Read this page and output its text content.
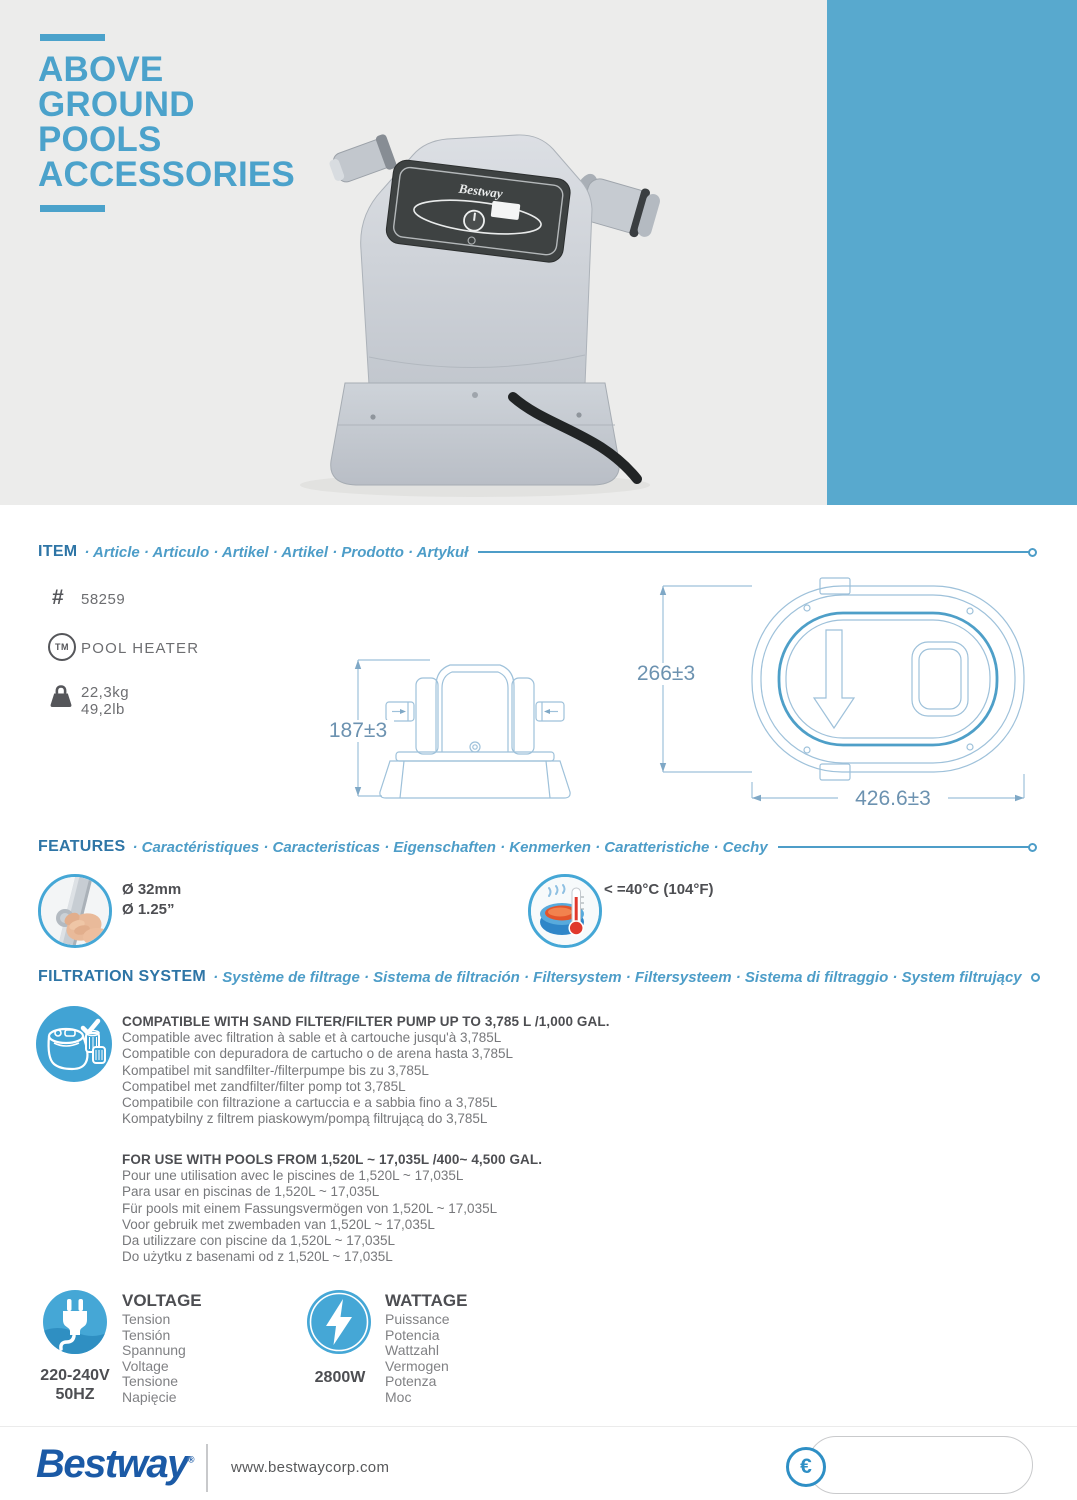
ABOVE
GROUND
POOLS
ACCESSORIES	Bestway
ITEM · Article · Articulo · Artikel · Artikel · Prodotto · Artykuł
# 58259
TM POOL HEATER
22,3kg
49,2lb
187±3
266±3
426.6±3
FEATURES · Caractéristiques · Caracteristicas · Eigenschaften · Kenmerken · Caratteristiche · Cechy
Ø 32mm
Ø 1.25”
< =40°C (104°F)
FILTRATION SYSTEM · Système de filtrage · Sistema de filtración · Filtersystem · Filtersysteem · Sistema di filtraggio · System filtrujący
COMPATIBLE WITH SAND FILTER/FILTER PUMP UP TO 3,785 L /1,000 GAL.
Compatible avec filtration à sable et à cartouche jusqu'à 3,785L
Compatible con depuradora de cartucho o de arena hasta 3,785L
Kompatibel mit sandfilter-/filterpumpe bis zu 3,785L
Compatibel met zandfilter/filter pomp tot 3,785L
Compatibile con filtrazione a cartuccia e a sabbia fino a 3,785L
Kompatybilny z filtrem piaskowym/pompą filtrującą do 3,785L
FOR USE WITH POOLS FROM 1,520L ~ 17,035L /400~ 4,500 GAL.
Pour une utilisation avec le piscines de 1,520L ~ 17,035L
Para usar en piscinas de 1,520L ~ 17,035L
Für pools mit einem Fassungsvermögen von 1,520L ~ 17,035L
Voor gebruik met zwembaden van 1,520L ~ 17,035L
Da utilizzare con piscine da 1,520L ~ 17,035L
Do użytku z basenami od z 1,520L ~ 17,035L
220-240V
50HZ
VOLTAGE
Tension
Tensión
Spannung
Voltage
Tensione
Napięcie
2800W
WATTAGE
Puissance
Potencia
Wattzahl
Vermogen
Potenza
Moc
Bestway® www.bestwaycorp.com	€
